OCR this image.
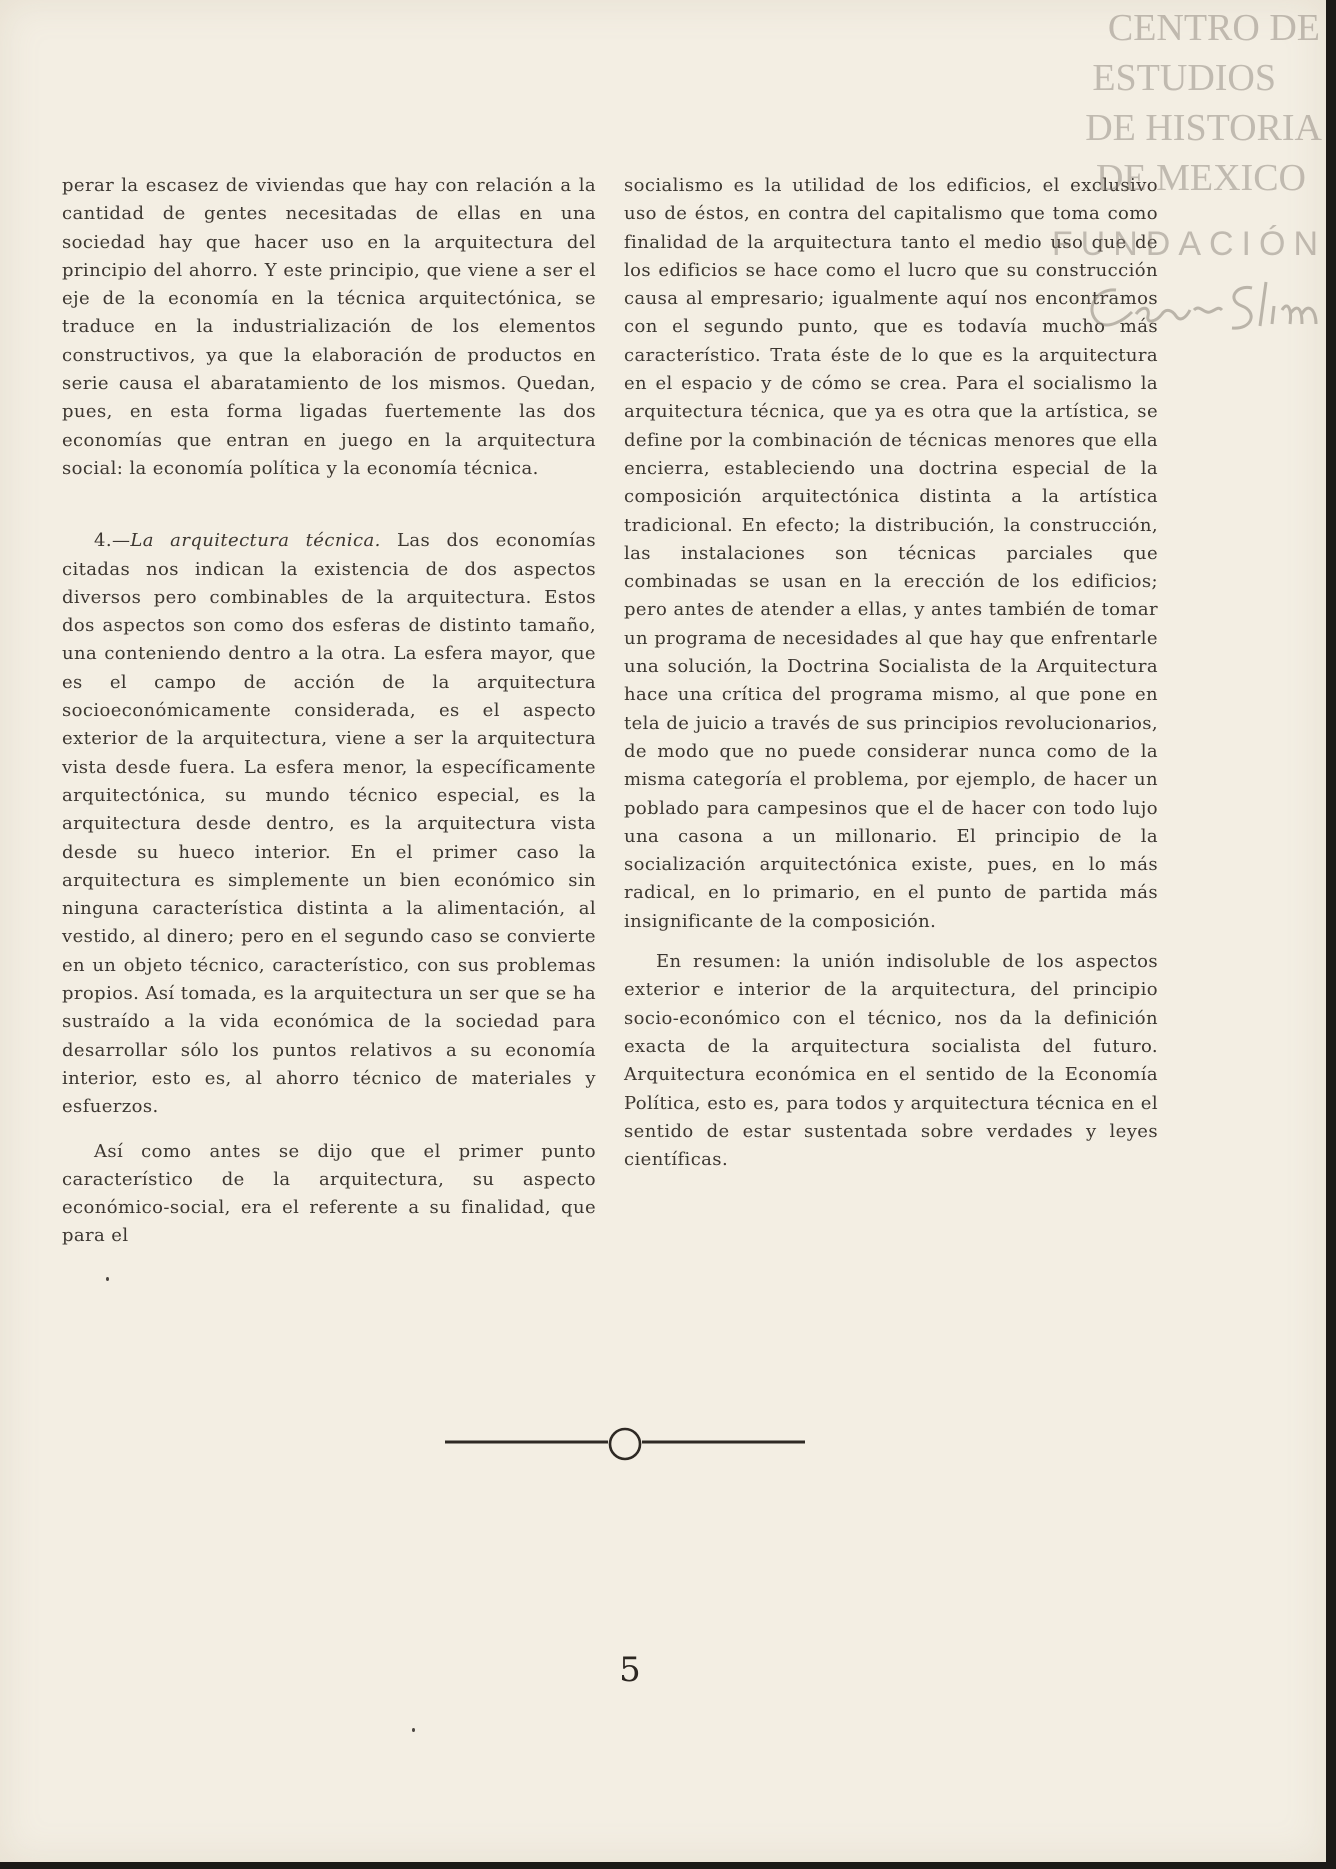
perar la escasez de viviendas que hay con relación a la cantidad de gentes necesitadas de ellas en una sociedad hay que hacer uso en la arquitectura del principio del ahorro. Y este principio, que viene a ser el eje de la economía en la técnica arquitectónica, se traduce en la industrialización de los elementos constructivos, ya que la elaboración de productos en serie causa el abaratamiento de los mismos. Quedan, pues, en esta forma ligadas fuertemente las dos economías que entran en juego en la arquitectura social: la economía política y la economía técnica.

4.—La arquitectura técnica. Las dos economías citadas nos indican la existencia de dos aspectos diversos pero combinables de la arquitectura. Estos dos aspectos son como dos esferas de distinto tamaño, una conteniendo dentro a la otra. La esfera mayor, que es el campo de acción de la arquitectura socioeconómicamente considerada, es el aspecto exterior de la arquitectura, viene a ser la arquitectura vista desde fuera. La esfera menor, la específicamente arquitectónica, su mundo técnico especial, es la arquitectura desde dentro, es la arquitectura vista desde su hueco interior. En el primer caso la arquitectura es simplemente un bien económico sin ninguna característica distinta a la alimentación, al vestido, al dinero; pero en el segundo caso se convierte en un objeto técnico, característico, con sus problemas propios. Así tomada, es la arquitectura un ser que se ha sustraído a la vida económica de la sociedad para desarrollar sólo los puntos relativos a su economía interior, esto es, al ahorro técnico de materiales y esfuerzos.

Así como antes se dijo que el primer punto característico de la arquitectura, su aspecto económico-social, era el referente a su finalidad, que para el

socialismo es la utilidad de los edificios, el exclusivo uso de éstos, en contra del capitalismo que toma como finalidad de la arquitectura tanto el medio uso que de los edificios se hace como el lucro que su construcción causa al empresario; igualmente aquí nos encontramos con el segundo punto, que es todavía mucho más característico. Trata éste de lo que es la arquitectura en el espacio y de cómo se crea. Para el socialismo la arquitectura técnica, que ya es otra que la artística, se define por la combinación de técnicas menores que ella encierra, estableciendo una doctrina especial de la composición arquitectónica distinta a la artística tradicional. En efecto; la distribución, la construcción, las instalaciones son técnicas parciales que combinadas se usan en la erección de los edificios; pero antes de atender a ellas, y antes también de tomar un programa de necesidades al que hay que enfrentarle una solución, la Doctrina Socialista de la Arquitectura hace una crítica del programa mismo, al que pone en tela de juicio a través de sus principios revolucionarios, de modo que no puede considerar nunca como de la misma categoría el problema, por ejemplo, de hacer un poblado para campesinos que el de hacer con todo lujo una casona a un millonario. El principio de la socialización arquitectónica existe, pues, en lo más radical, en lo primario, en el punto de partida más insignificante de la composición.

En resumen: la unión indisoluble de los aspectos exterior e interior de la arquitectura, del principio socio-económico con el técnico, nos da la definición exacta de la arquitectura socialista del futuro. Arquitectura económica en el sentido de la Economía Política, esto es, para todos y arquitectura técnica en el sentido de estar sustentada sobre verdades y leyes científicas.

5
CENTRO DE
ESTUDIOS
DE HISTORIA
DE MEXICO
FUNDACIÓN
